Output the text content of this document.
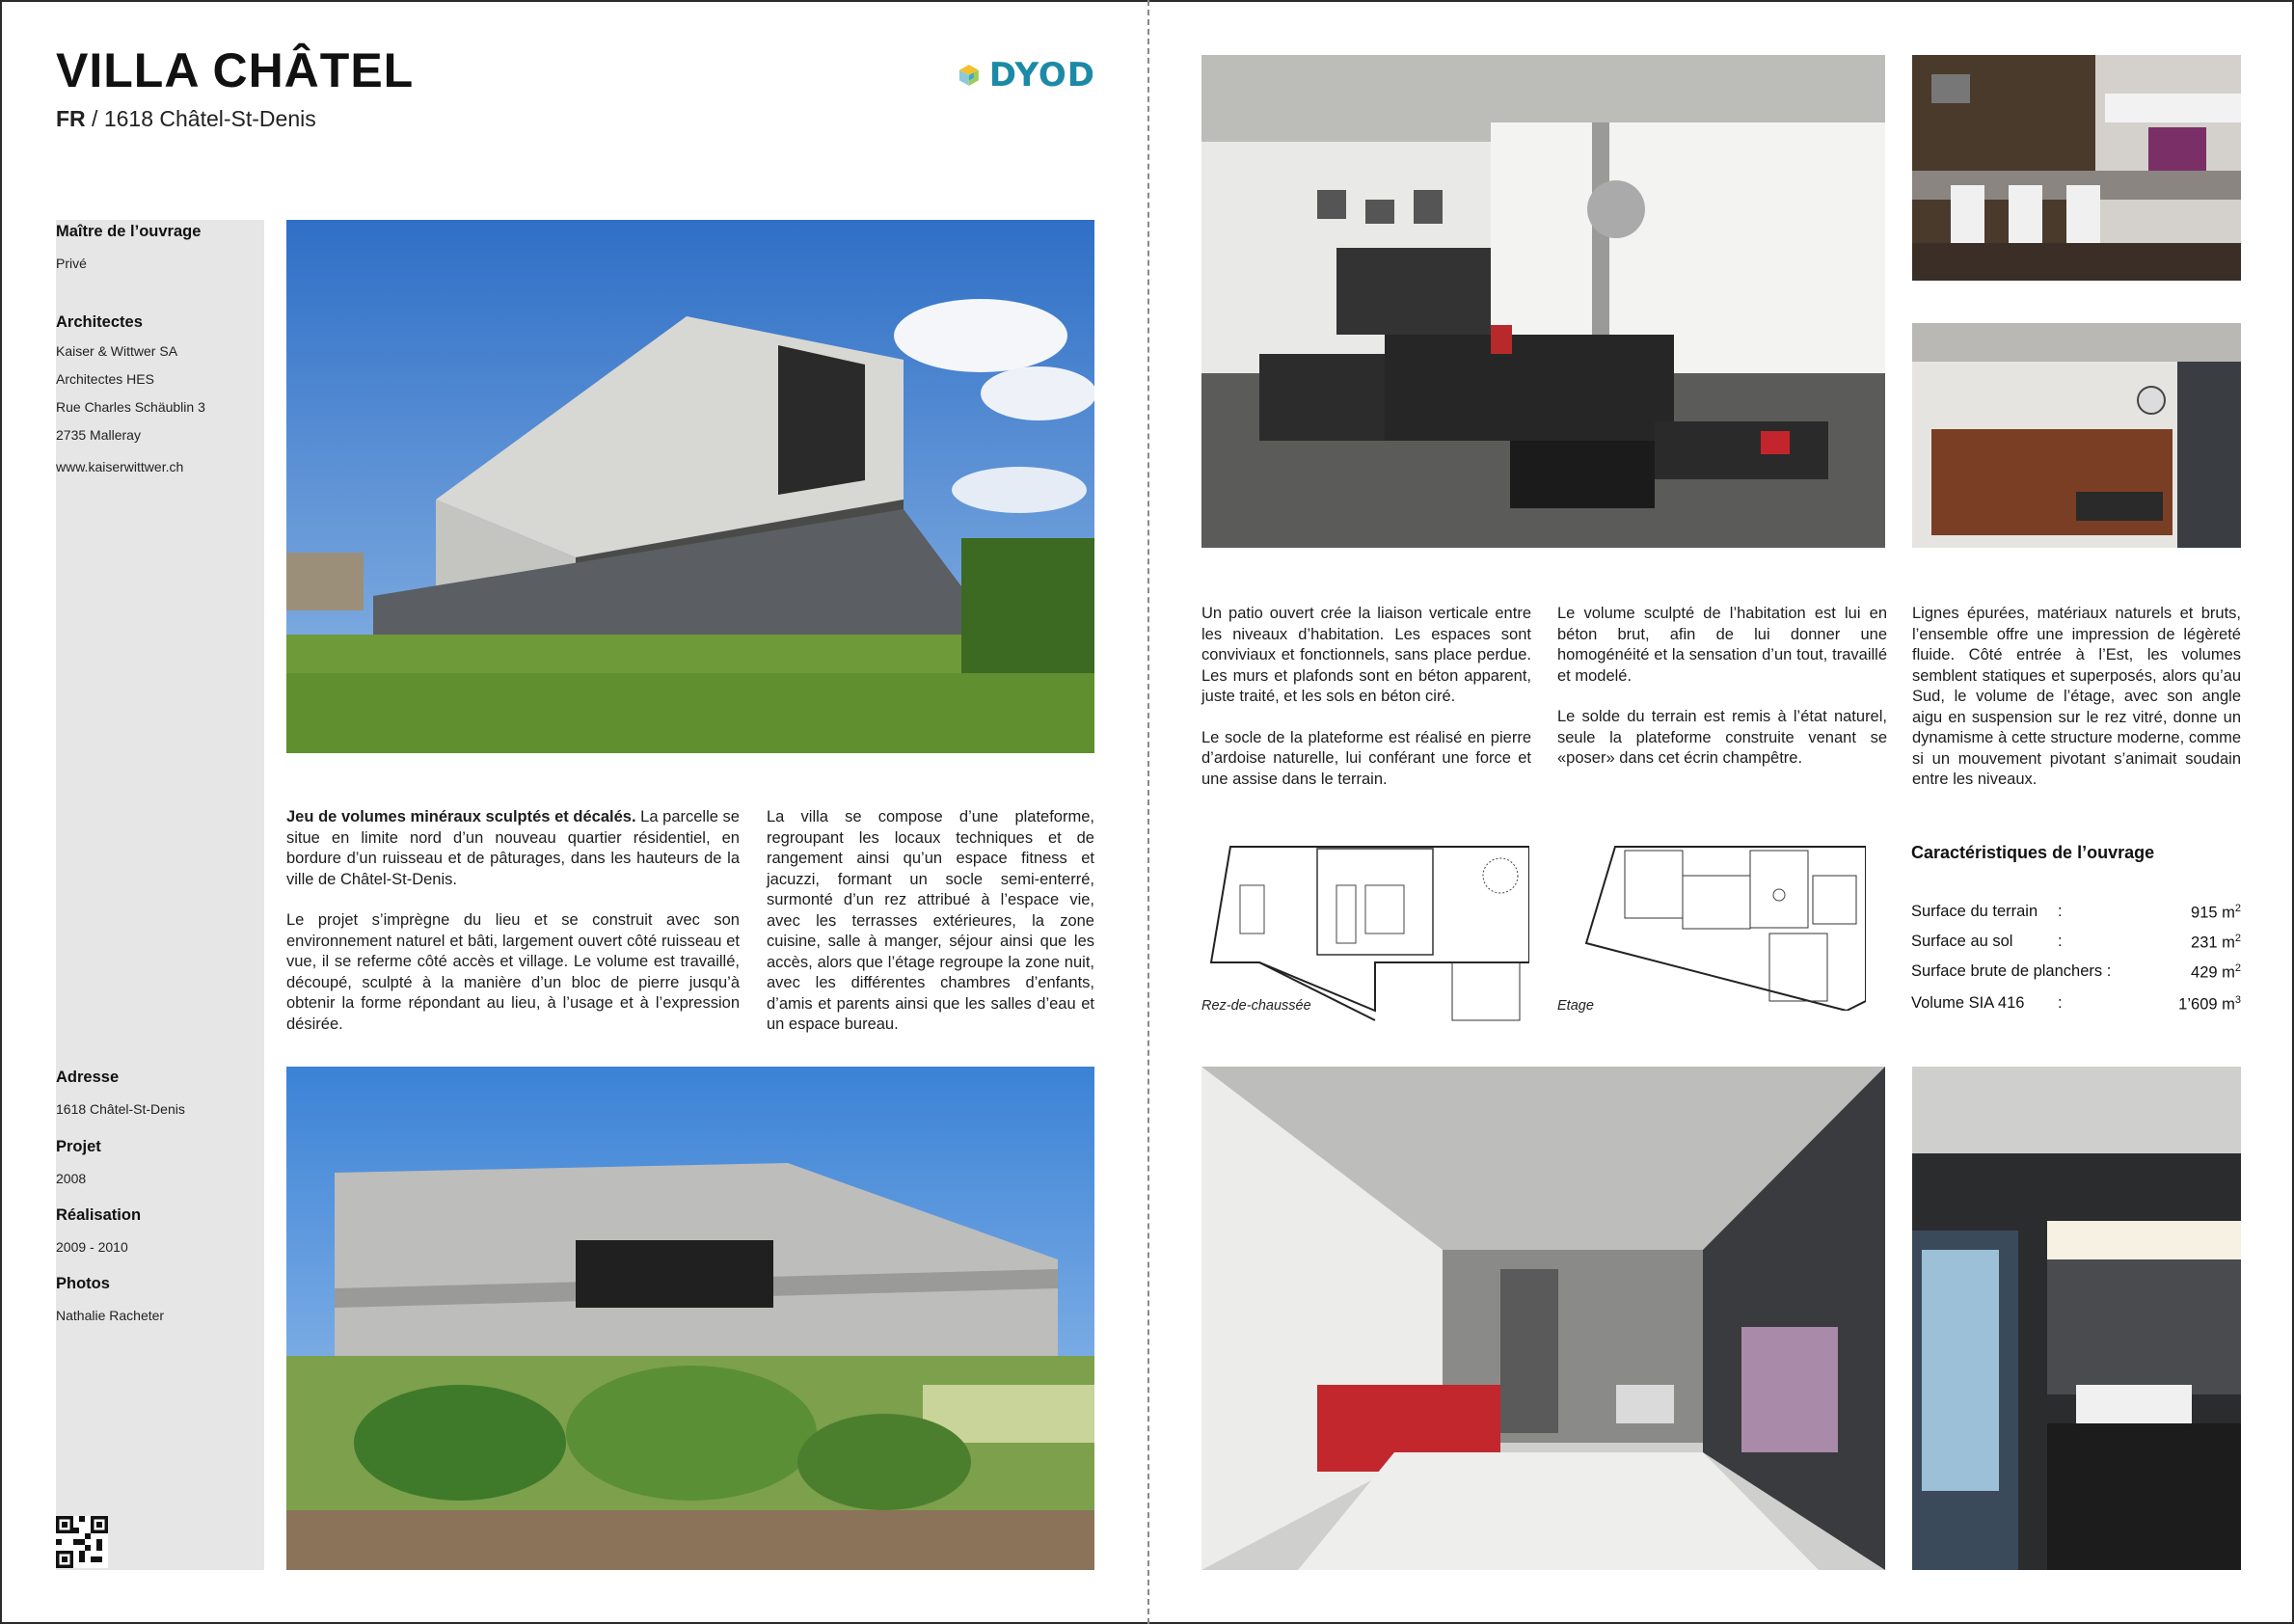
VILLA CHÂTEL
FR / 1618 Châtel-St-Denis
DYOD
Maître de l’ouvrage
Privé
Architectes
Kaiser & Wittwer SA
Architectes HES
Rue Charles Schäublin 3
2735 Malleray
www.kaiserwittwer.ch
Adresse
1618 Châtel-St-Denis
Projet
2008
Réalisation
2009 - 2010
Photos
Nathalie Racheter

Jeu de volumes minéraux sculptés et décalés. La parcelle se situe en limite nord d’un nouveau quartier résidentiel, en bordure d’un ruisseau et de pâturages, dans les hauteurs de la ville de Châtel-St-Denis.

Le projet s’imprègne du lieu et se construit avec son environnement naturel et bâti, largement ouvert côté ruisseau et vue, il se referme côté accès et village. Le volume est travaillé, découpé, sculpté à la manière d’un bloc de pierre jusqu’à obtenir la forme répondant au lieu, à l’usage et à l’expression désirée.

La villa se compose d’une plateforme, regroupant les locaux techniques et de rangement ainsi qu’un espace fitness et jacuzzi, formant un socle semi-enterré, surmonté d’un rez attribué à l’espace vie, avec les terrasses extérieures, la zone cuisine, salle à manger, séjour ainsi que les accès, alors que l’étage regroupe la zone nuit, avec les différentes chambres d’enfants, d’amis et parents ainsi que les salles d’eau et un espace bureau.

Un patio ouvert crée la liaison verticale entre les niveaux d’habitation. Les espaces sont conviviaux et fonctionnels, sans place perdue. Les murs et plafonds sont en béton apparent, juste traité, et les sols en béton ciré.

Le socle de la plateforme est réalisé en pierre d’ardoise naturelle, lui conférant une force et une assise dans le terrain.

Le volume sculpté de l’habitation est lui en béton brut, afin de lui donner une homogénéité et la sensation d’un tout, travaillé et modelé.

Le solde du terrain est remis à l’état naturel, seule la plateforme construite venant se «poser» dans cet écrin champêtre.

Lignes épurées, matériaux naturels et bruts, l’ensemble offre une impression de légèreté fluide. Côté entrée à l’Est, les volumes semblent statiques et superposés, alors qu’au Sud, le volume de l’étage, avec son angle aigu en suspension sur le rez vitré, donne un dynamisme à cette structure moderne, comme si un mouvement pivotant s’animait soudain entre les niveaux.

Rez-de-chaussée	Etage
Caractéristiques de l’ouvrage
Surface du terrain :	915 $m^2$
Surface au sol	:	231 $m^2$
Surface brute de planchers :	429 $m^2$
Volume SIA 416 :	1’609 $m^3$
